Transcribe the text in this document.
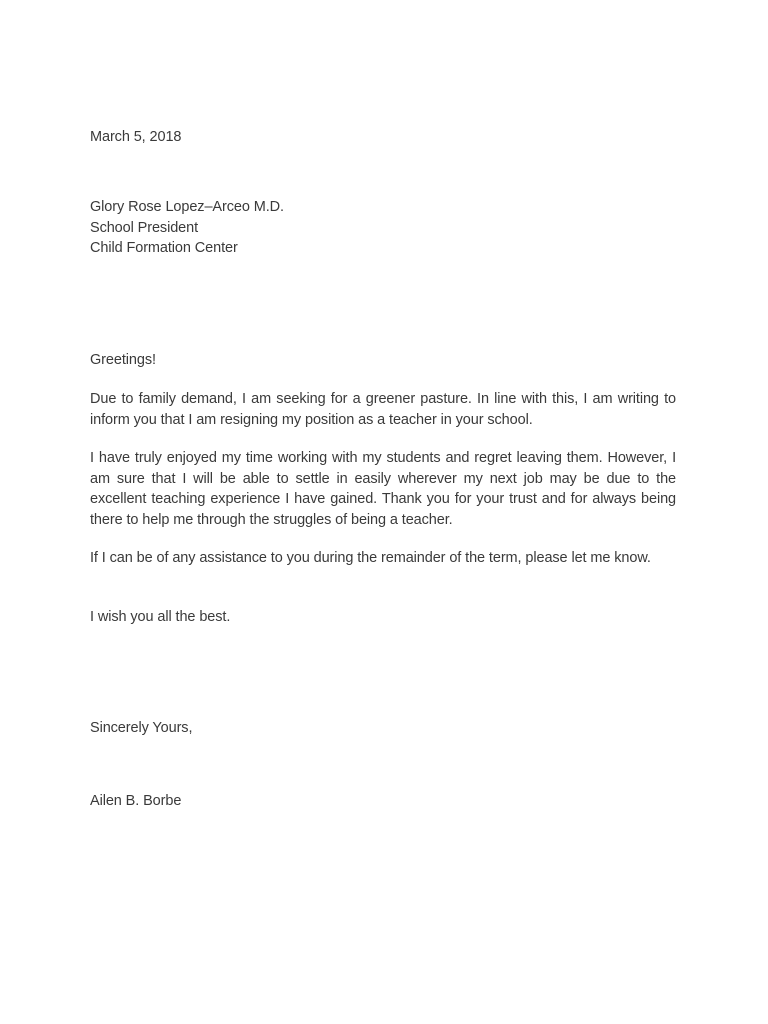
March 5, 2018
Glory Rose Lopez–Arceo M.D.
School President
Child Formation Center
Greetings!

Due to family demand, I am seeking for a greener pasture. In line with this, I am writing to inform you that I am resigning my position as a teacher in your school.

I have truly enjoyed my time working with my students and regret leaving them. However, I am sure that I will be able to settle in easily wherever my next job may be due to the excellent teaching experience I have gained. Thank you for your trust and for always being there to help me through the struggles of being a teacher.

If I can be of any assistance to you during the remainder of the term, please let me know.

I wish you all the best.
Sincerely Yours,
Ailen B. Borbe
